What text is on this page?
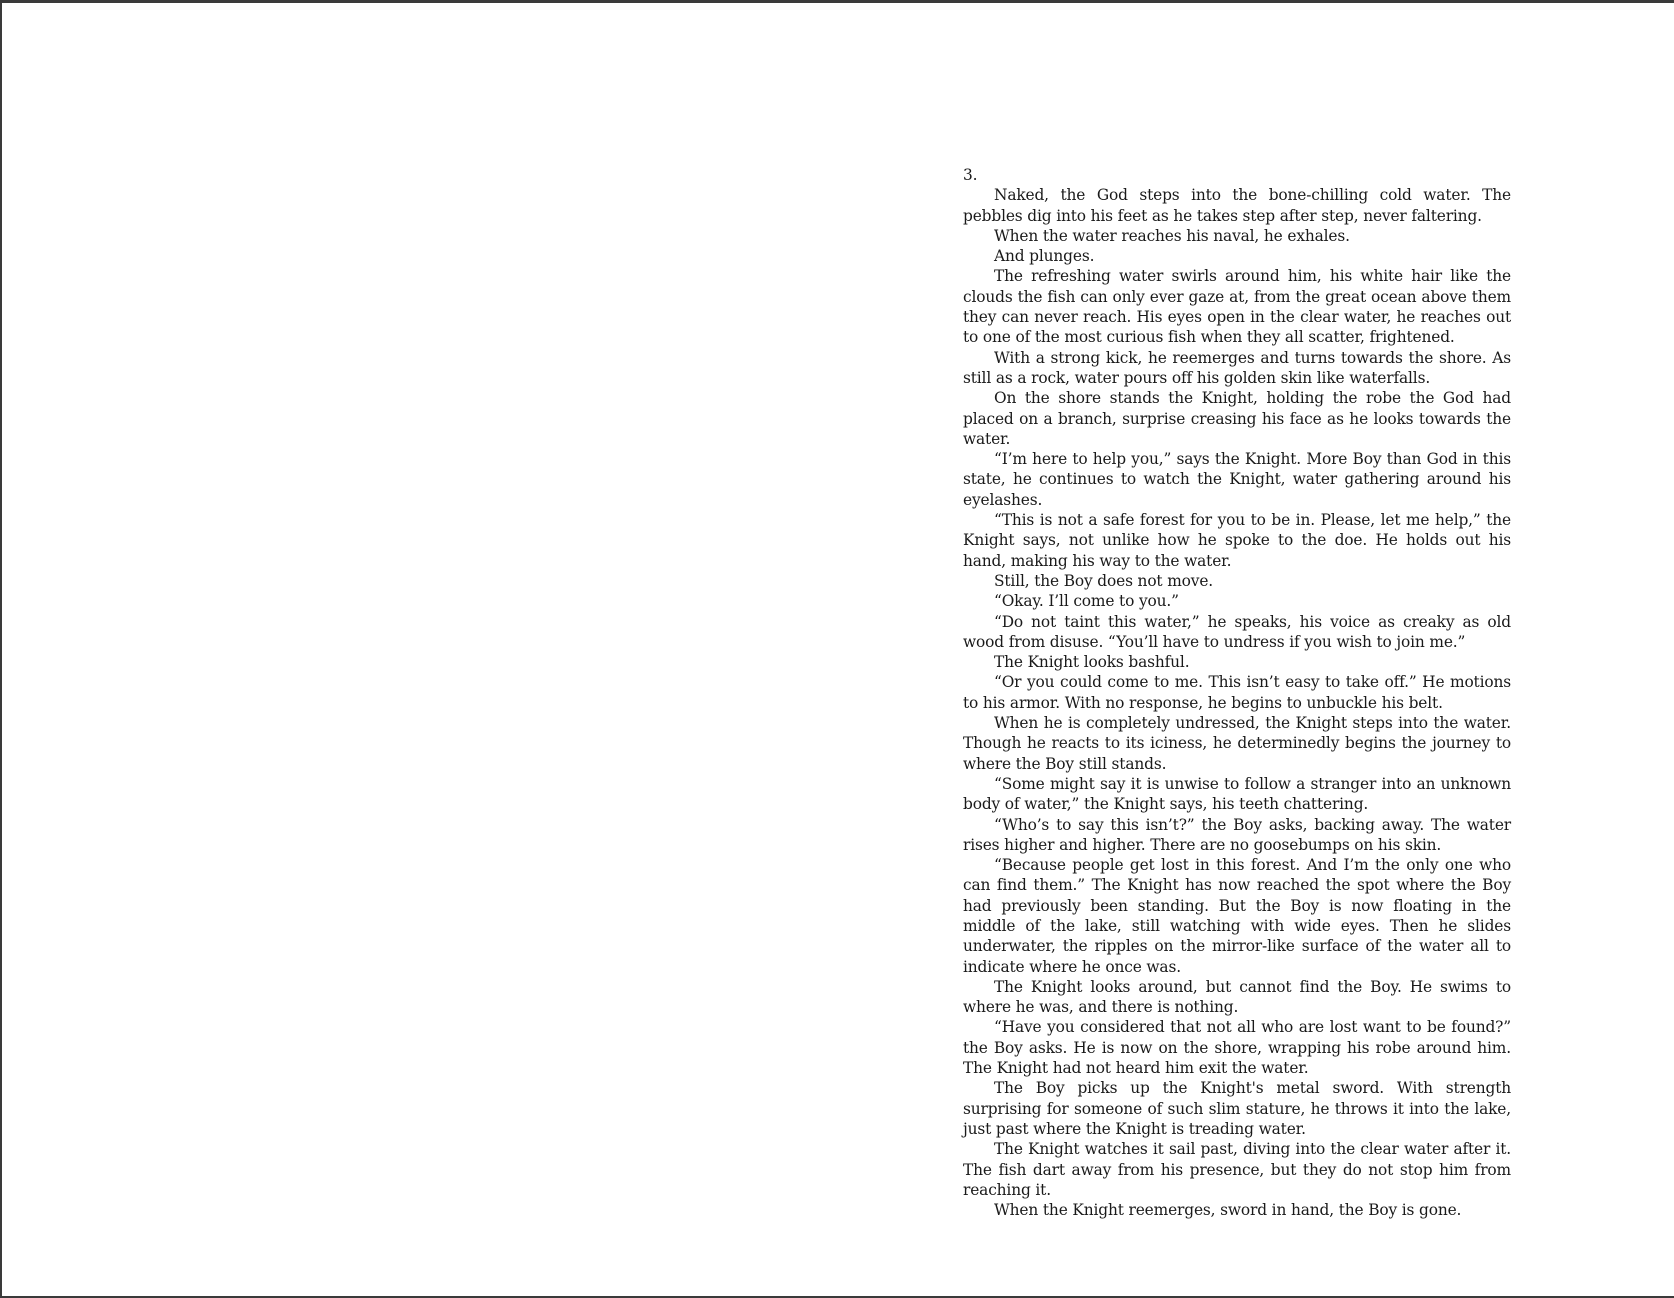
3.

Naked, the God steps into the bone-chilling cold water. The pebbles dig into his feet as he takes step after step, never faltering.

When the water reaches his naval, he exhales.

And plunges.

The refreshing water swirls around him, his white hair like the clouds the fish can only ever gaze at, from the great ocean above them they can never reach. His eyes open in the clear water, he reaches out to one of the most curious fish when they all scatter, frightened.

With a strong kick, he reemerges and turns towards the shore. As still as a rock, water pours off his golden skin like waterfalls.

On the shore stands the Knight, holding the robe the God had placed on a branch, surprise creasing his face as he looks towards the water.

“I’m here to help you,” says the Knight. More Boy than God in this state, he continues to watch the Knight, water gathering around his eyelashes.

“This is not a safe forest for you to be in. Please, let me help,” the Knight says, not unlike how he spoke to the doe. He holds out his hand, making his way to the water.

Still, the Boy does not move.

“Okay. I’ll come to you.”

“Do not taint this water,” he speaks, his voice as creaky as old wood from disuse. “You’ll have to undress if you wish to join me.”

The Knight looks bashful.

“Or you could come to me. This isn’t easy to take off.” He motions to his armor. With no response, he begins to unbuckle his belt.

When he is completely undressed, the Knight steps into the water. Though he reacts to its iciness, he determinedly begins the journey to where the Boy still stands.

“Some might say it is unwise to follow a stranger into an unknown body of water,” the Knight says, his teeth chattering.

“Who’s to say this isn’t?” the Boy asks, backing away. The water rises higher and higher. There are no goosebumps on his skin.

“Because people get lost in this forest. And I’m the only one who can find them.” The Knight has now reached the spot where the Boy had previously been standing. But the Boy is now floating in the middle of the lake, still watching with wide eyes. Then he slides underwater, the ripples on the mirror-like surface of the water all to indicate where he once was.

The Knight looks around, but cannot find the Boy. He swims to where he was, and there is nothing.

“Have you considered that not all who are lost want to be found?” the Boy asks. He is now on the shore, wrapping his robe around him. The Knight had not heard him exit the water.

The Boy picks up the Knight's metal sword. With strength surprising for someone of such slim stature, he throws it into the lake, just past where the Knight is treading water.

The Knight watches it sail past, diving into the clear water after it. The fish dart away from his presence, but they do not stop him from reaching it.

When the Knight reemerges, sword in hand, the Boy is gone.
